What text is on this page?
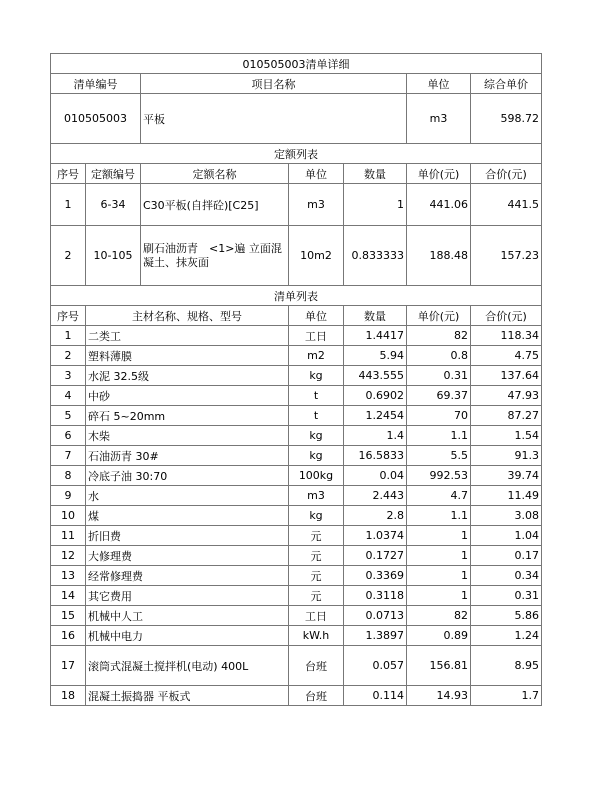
010505003清单详细						
清单编号		项目名称			单位	综合单价
010505003		平板			m3	598.72
定额列表						
序号	定额编号	定额名称	单位	数量	单价(元)	合价(元)
1	6-34	C30平板(自拌砼)[C25]	m3	1	441.06	441.5
2	10-105	刷石油沥青　<1>遍 立面混凝土、抹灰面	10m2	0.833333	188.48	157.23
清单列表						
序号	主材名称、规格、型号		单位	数量	单价(元)	合价(元)
1	二类工		工日	1.4417	82	118.34
2	塑料薄膜		m2	5.94	0.8	4.75
3	水泥 32.5级		kg	443.555	0.31	137.64
4	中砂		t	0.6902	69.37	47.93
5	碎石 5~20mm		t	1.2454	70	87.27
6	木柴		kg	1.4	1.1	1.54
7	石油沥青 30#		kg	16.5833	5.5	91.3
8	冷底子油 30:70		100kg	0.04	992.53	39.74
9	水		m3	2.443	4.7	11.49
10	煤		kg	2.8	1.1	3.08
11	折旧费		元	1.0374	1	1.04
12	大修理费		元	0.1727	1	0.17
13	经常修理费		元	0.3369	1	0.34
14	其它费用		元	0.3118	1	0.31
15	机械中人工		工日	0.0713	82	5.86
16	机械中电力		kW.h	1.3897	0.89	1.24
17	滚筒式混凝土搅拌机(电动) 400L		台班	0.057	156.81	8.95
18	混凝土振捣器 平板式		台班	0.114	14.93	1.7
